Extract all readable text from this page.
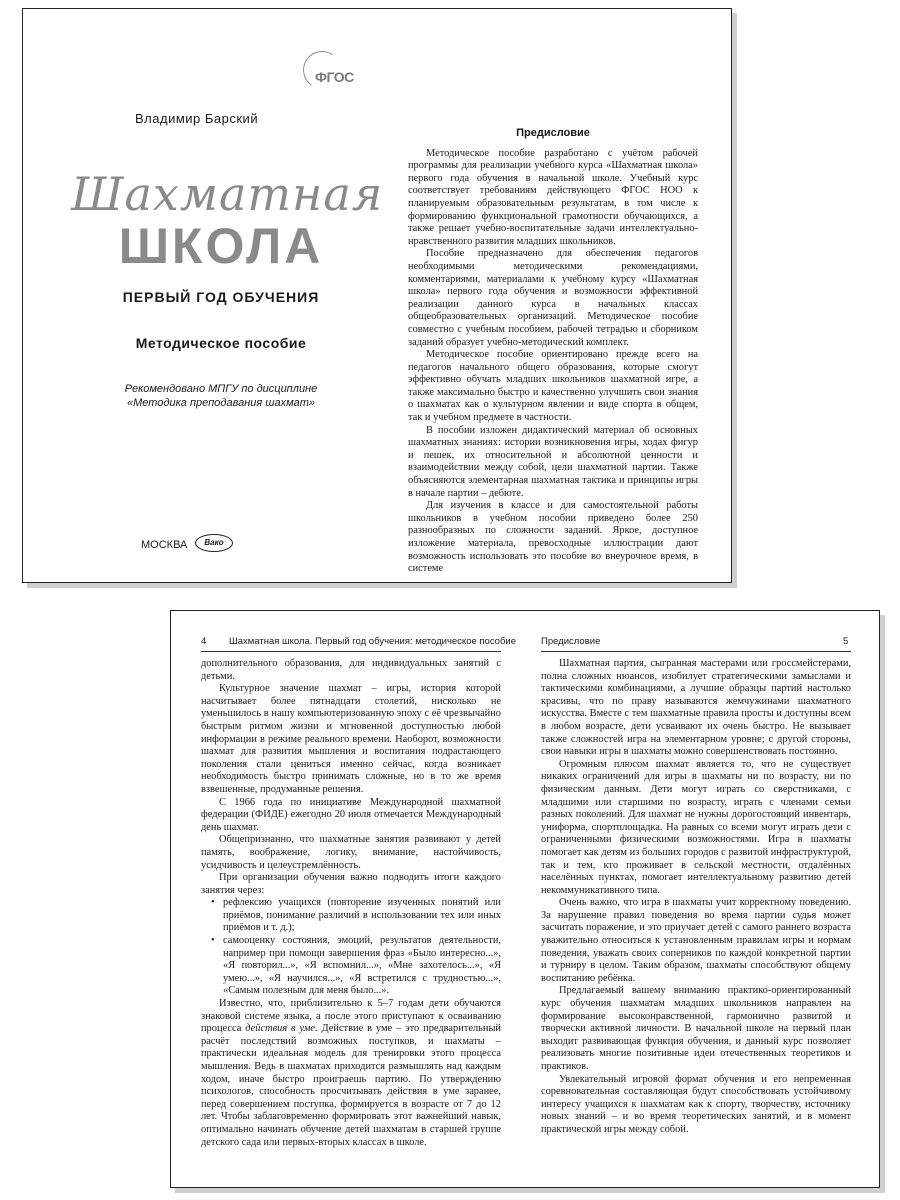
ФГОС
Владимир Барский
Шахматная
ШКОЛА
ПЕРВЫЙ ГОД ОБУЧЕНИЯ
Методическое пособие
Рекомендовано МПГУ по дисциплине
«Методика преподавания шахмат»
МОСКВА	Вако
Предисловие

Методическое пособие разработано с учётом рабочей программы для реализации учебного курса «Шахматная школа» первого года обучения в начальной школе. Учебный курс соответствует требованиям действующего ФГОС НОО к планируемым образовательным результатам, в том числе к формированию функциональной грамотности обучающихся, а также решает учебно-воспитательные задачи интеллектуально-нравственного развития младших школьников.

Пособие предназначено для обеспечения педагогов необходимыми методическими рекомендациями, комментариями, материалами к учебному курсу «Шахматная школа» первого года обучения и возможности эффективной реализации данного курса в начальных классах общеобразовательных организаций. Методическое пособие совместно с учебным пособием, рабочей тетрадью и сборником заданий образует учебно-методический комплект.

Методическое пособие ориентировано прежде всего на педагогов начального общего образования, которые смогут эффективно обучать младших школьников шахматной игре, а также максимально быстро и качественно улучшить свои знания о шахматах как о культурном явлении и виде спорта в общем, так и учебном предмете в частности.

В пособии изложен дидактический материал об основных шахматных знаниях: истории возникновения игры, ходах фигур и пешек, их относительной и абсолютной ценности и взаимодействии между собой, цели шахматной партии. Также объясняются элементарная шахматная тактика и принципы игры в начале партии – дебюте.

Для изучения в классе и для самостоятельной работы школьников в учебном пособии приведено более 250 разнообразных по сложности заданий. Яркое, доступное изложение материала, превосходные иллюстрации дают возможность использовать это пособие во внеурочное время, в системе

4 Шахматная школа. Первый год обучения: методическое пособие	Предисловие	5

дополнительного образования, для индивидуальных занятий с детьми.

Культурное значение шахмат – игры, история которой насчитывает более пятнадцати столетий, нисколько не уменьшилось в нашу компьютеризованную эпоху с её чрезвычайно быстрым ритмом жизни и мгновенной доступностью любой информации в режиме реального времени. Наоборот, возможности шахмат для развития мышления и воспитания подрастающего поколения стали цениться именно сейчас, когда возникает необходимость быстро принимать сложные, но в то же время взвешенные, продуманные решения.

С 1966 года по инициативе Международной шахматной федерации (ФИДЕ) ежегодно 20 июля отмечается Международный день шахмат.

Общепризнанно, что шахматные занятия развивают у детей память, воображение, логику, внимание, настойчивость, усидчивость и целеустремлённость.

При организации обучения важно подводить итоги каждого занятия через:

• рефлексию учащихся (повторение изученных понятий или приёмов, понимание различий в использовании тех или иных приёмов и т. д.);
• самооценку состояния, эмоций, результатов деятельности, например при помощи завершения фраз «Было интересно...», «Я повторил...», «Я вспомнил...», «Мне захотелось...», «Я умею...», «Я научился...», «Я встретился с трудностью...», «Самым полезным для меня было...».

Известно, что, приблизительно к 5–7 годам дети обучаются знаковой системе языка, а после этого приступают к осваиванию процесса действия в уме. Действие в уме – это предварительный расчёт последствий возможных поступков, и шахматы – практически идеальная модель для тренировки этого процесса мышления. Ведь в шахматах приходится размышлять над каждым ходом, иначе быстро проиграешь партию. По утверждению психологов, способность просчитывать действия в уме заранее, перед совершением поступка, формируется в возрасте от 7 до 12 лет. Чтобы заблаговременно формировать этот важнейший навык, оптимально начинать обучение детей шахматам в старшей группе детского сада или первых-вторых классах в школе.

Шахматная партия, сыгранная мастерами или гроссмейстерами, полна сложных нюансов, изобилует стратегическими замыслами и тактическими комбинациями, а лучшие образцы партий настолько красивы, что по праву называются жемчужинами шахматного искусства. Вместе с тем шахматные правила просты и доступны всем в любом возрасте, дети усваивают их очень быстро. Не вызывает также сложностей игра на элементарном уровне; с другой стороны, свои навыки игры в шахматы можно совершенствовать постоянно.

Огромным плюсом шахмат является то, что не существует никаких ограничений для игры в шахматы ни по возрасту, ни по физическим данным. Дети могут играть со сверстниками, с младшими или старшими по возрасту, играть с членами семьи разных поколений. Для шахмат не нужны дорогостоящий инвентарь, униформа, спортплощадка. На равных со всеми могут играть дети с ограниченными физическими возможностями. Игра в шахматы помогает как детям из больших городов с развитой инфраструктурой, так и тем, кто проживает в сельской местности, отдалённых населённых пунктах, помогает интеллектуальному развитию детей некоммуникативного типа.

Очень важно, что игра в шахматы учит корректному поведению. За нарушение правил поведения во время партии судья может засчитать поражение, и это приучает детей с самого раннего возраста уважительно относиться к установленным правилам игры и нормам поведения, уважать своих соперников по каждой конкретной партии и турниру в целом. Таким образом, шахматы способствуют общему воспитанию ребёнка.

Предлагаемый вашему вниманию практико-ориентированный курс обучения шахматам младших школьников направлен на формирование высоконравственной, гармонично развитой и творчески активной личности. В начальной школе на первый план выходит развивающая функция обучения, и данный курс позволяет реализовать многие позитивные идеи отечественных теоретиков и практиков.

Увлекательный игровой формат обучения и его непременная соревновательная составляющая будут способствовать устойчивому интересу учащихся к шахматам как к спорту, творчеству, источнику новых знаний – и во время теоретических занятий, и в момент практической игры между собой.
